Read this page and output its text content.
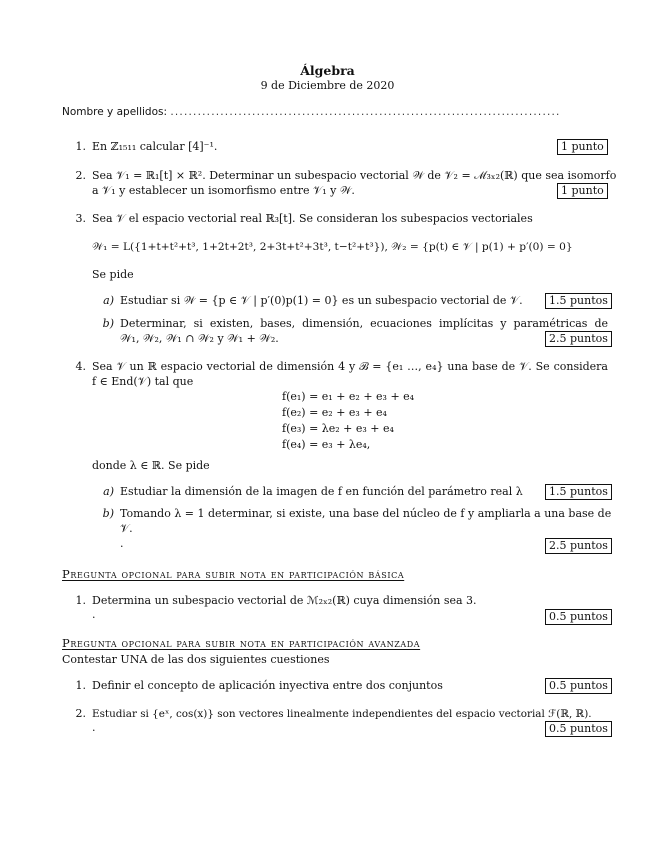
Álgebra
9 de Diciembre de 2020
Nombre y apellidos: ......................................................................................
1. En ℤ₁₅₁₁ calcular [4]⁻¹.	1 punto
2. Sea 𝒱₁ = ℝ₁[t] × ℝ². Determinar un subespacio vectorial 𝒲 de 𝒱₂ = ℳ₃ₓ₂(ℝ) que sea isomorfo
a 𝒱₁ y establecer un isomorfismo entre 𝒱₁ y 𝒲.	1 punto
3. Sea 𝒱 el espacio vectorial real ℝ₃[t]. Se consideran los subespacios vectoriales
𝒲₁ = L({1+t+t²+t³, 1+2t+2t³, 2+3t+t²+3t³, t−t²+t³}), 𝒲₂ = {p(t) ∈ 𝒱 | p(1) + p′(0) = 0}
Se pide
a) Estudiar si 𝒲 = {p ∈ 𝒱 | p′(0)p(1) = 0} es un subespacio vectorial de 𝒱.	1.5 puntos
b) Determinar, si existen, bases, dimensión, ecuaciones implícitas y paramétricas de
𝒲₁, 𝒲₂, 𝒲₁ ∩ 𝒲₂ y 𝒲₁ + 𝒲₂.	2.5 puntos
4. Sea 𝒱 un ℝ espacio vectorial de dimensión 4 y ℬ = {e₁ …, e₄} una base de 𝒱. Se considera
f ∈ End(𝒱) tal que
f(e₁) = e₁ + e₂ + e₃ + e₄
f(e₂) = e₂ + e₃ + e₄
f(e₃) = λe₂ + e₃ + e₄
f(e₄) = e₃ + λe₄,
donde λ ∈ ℝ. Se pide
a) Estudiar la dimensión de la imagen de f en función del parámetro real λ	1.5 puntos
b) Tomando λ = 1 determinar, si existe, una base del núcleo de f y ampliarla a una base de
𝒱.
.	2.5 puntos
Pregunta opcional para subir nota en participación básica
1. Determina un subespacio vectorial de ℳ₂ₓ₂(ℝ) cuya dimensión sea 3.
.	0.5 puntos
Pregunta opcional para subir nota en participación avanzada
Contestar UNA de las dos siguientes cuestiones
1. Definir el concepto de aplicación inyectiva entre dos conjuntos	0.5 puntos
2. Estudiar si {eˣ, cos(x)} son vectores linealmente independientes del espacio vectorial ℱ(ℝ, ℝ).
.	0.5 puntos
